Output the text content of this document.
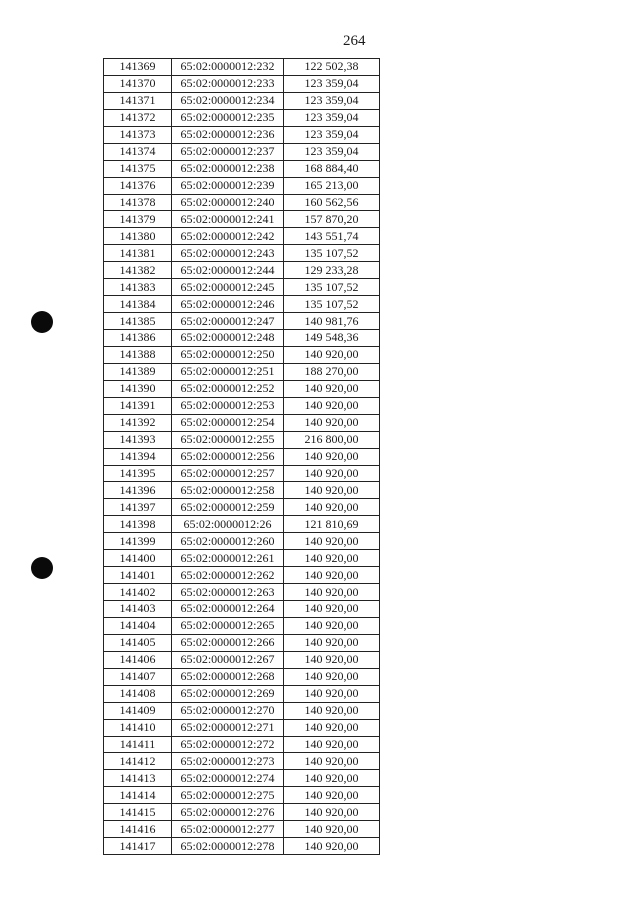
264
141369	65:02:0000012:232	122 502,38
141370	65:02:0000012:233	123 359,04
141371	65:02:0000012:234	123 359,04
141372	65:02:0000012:235	123 359,04
141373	65:02:0000012:236	123 359,04
141374	65:02:0000012:237	123 359,04
141375	65:02:0000012:238	168 884,40
141376	65:02:0000012:239	165 213,00
141378	65:02:0000012:240	160 562,56
141379	65:02:0000012:241	157 870,20
141380	65:02:0000012:242	143 551,74
141381	65:02:0000012:243	135 107,52
141382	65:02:0000012:244	129 233,28
141383	65:02:0000012:245	135 107,52
141384	65:02:0000012:246	135 107,52
141385	65:02:0000012:247	140 981,76
141386	65:02:0000012:248	149 548,36
141388	65:02:0000012:250	140 920,00
141389	65:02:0000012:251	188 270,00
141390	65:02:0000012:252	140 920,00
141391	65:02:0000012:253	140 920,00
141392	65:02:0000012:254	140 920,00
141393	65:02:0000012:255	216 800,00
141394	65:02:0000012:256	140 920,00
141395	65:02:0000012:257	140 920,00
141396	65:02:0000012:258	140 920,00
141397	65:02:0000012:259	140 920,00
141398	65:02:0000012:26	121 810,69
141399	65:02:0000012:260	140 920,00
141400	65:02:0000012:261	140 920,00
141401	65:02:0000012:262	140 920,00
141402	65:02:0000012:263	140 920,00
141403	65:02:0000012:264	140 920,00
141404	65:02:0000012:265	140 920,00
141405	65:02:0000012:266	140 920,00
141406	65:02:0000012:267	140 920,00
141407	65:02:0000012:268	140 920,00
141408	65:02:0000012:269	140 920,00
141409	65:02:0000012:270	140 920,00
141410	65:02:0000012:271	140 920,00
141411	65:02:0000012:272	140 920,00
141412	65:02:0000012:273	140 920,00
141413	65:02:0000012:274	140 920,00
141414	65:02:0000012:275	140 920,00
141415	65:02:0000012:276	140 920,00
141416	65:02:0000012:277	140 920,00
141417	65:02:0000012:278	140 920,00
